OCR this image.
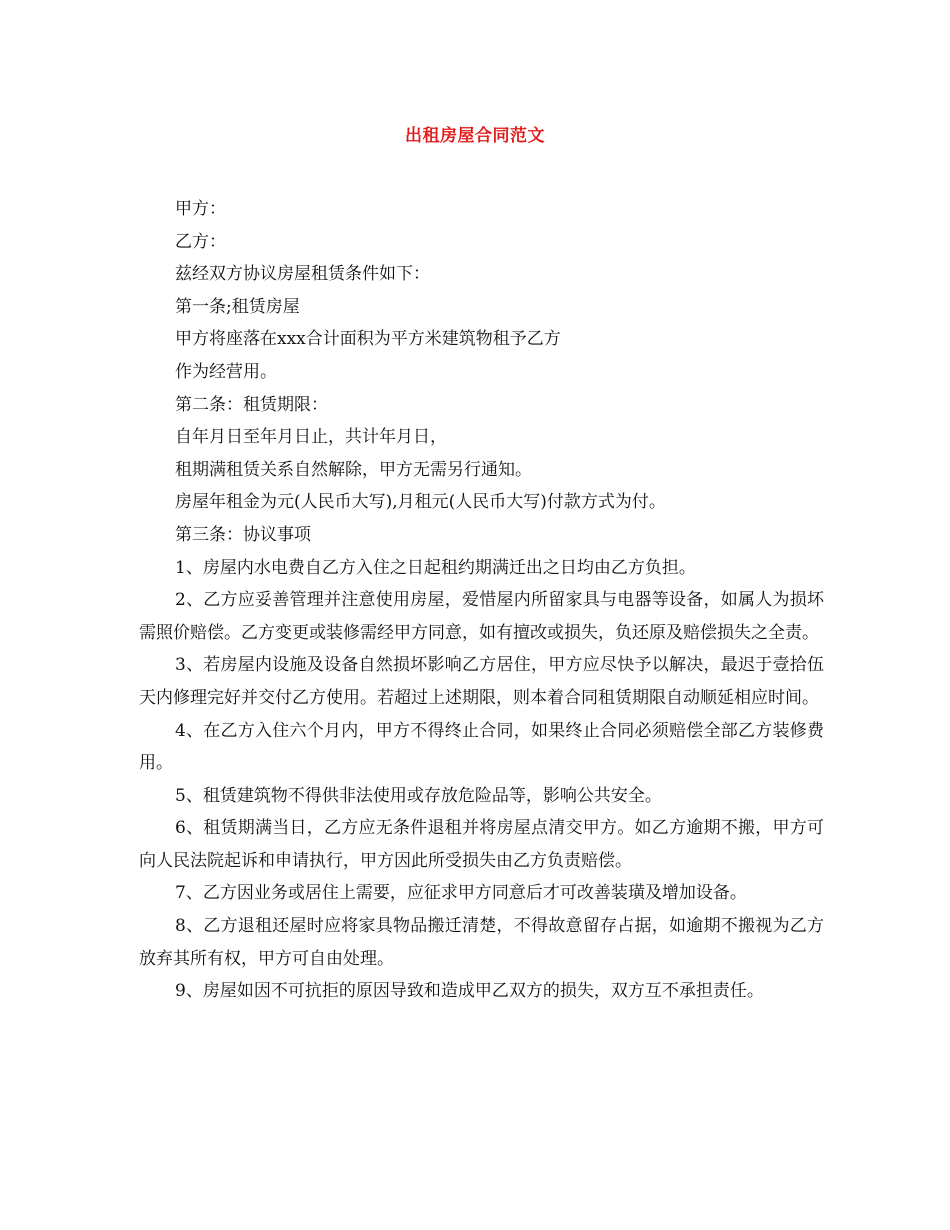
出租房屋合同范文
甲方：
乙方：
兹经双方协议房屋租赁条件如下：
第一条;租赁房屋
甲方将座落在xxx合计面积为平方米建筑物租予乙方
作为经营用。
第二条：租赁期限：
自年月日至年月日止，共计年月日，
租期满租赁关系自然解除，甲方无需另行通知。
房屋年租金为元(人民币大写),月租元(人民币大写)付款方式为付。
第三条：协议事项
1、房屋内水电费自乙方入住之日起租约期满迁出之日均由乙方负担。
2、乙方应妥善管理并注意使用房屋，爱惜屋内所留家具与电器等设备，如属人为损坏需照价赔偿。乙方变更或装修需经甲方同意，如有擅改或损失，负还原及赔偿损失之全责。
3、若房屋内设施及设备自然损坏影响乙方居住，甲方应尽快予以解决，最迟于壹拾伍天内修理完好并交付乙方使用。若超过上述期限，则本着合同租赁期限自动顺延相应时间。
4、在乙方入住六个月内，甲方不得终止合同，如果终止合同必须赔偿全部乙方装修费用。
5、租赁建筑物不得供非法使用或存放危险品等，影响公共安全。
6、租赁期满当日，乙方应无条件退租并将房屋点清交甲方。如乙方逾期不搬，甲方可向人民法院起诉和申请执行，甲方因此所受损失由乙方负责赔偿。
7、乙方因业务或居住上需要，应征求甲方同意后才可改善装璜及增加设备。
8、乙方退租还屋时应将家具物品搬迁清楚，不得故意留存占据，如逾期不搬视为乙方放弃其所有权，甲方可自由处理。
9、房屋如因不可抗拒的原因导致和造成甲乙双方的损失，双方互不承担责任。
